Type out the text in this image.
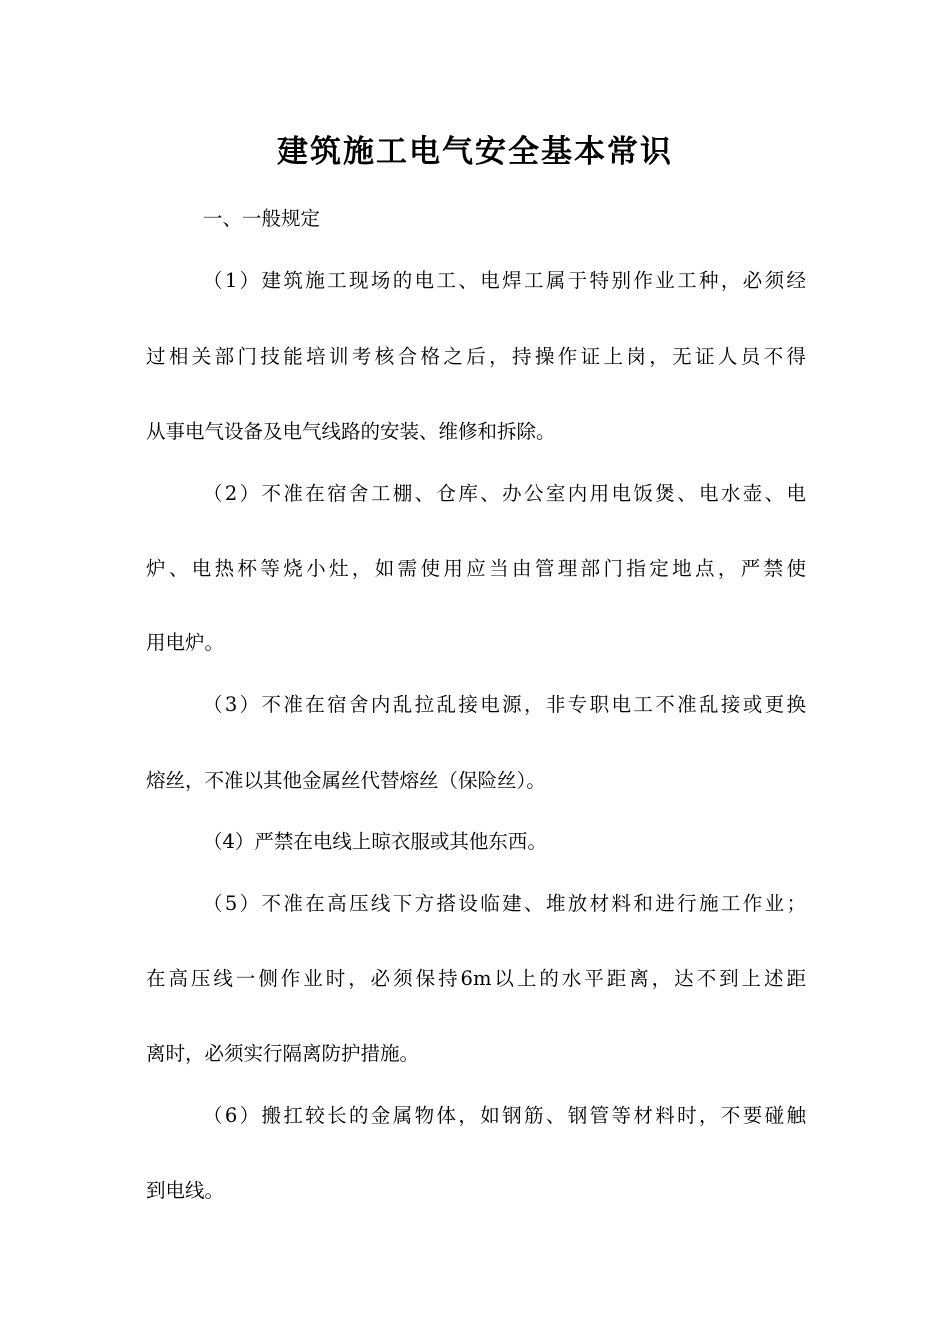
建筑施工电气安全基本常识
一、一般规定
（1）建筑施工现场的电工、电焊工属于特别作业工种，必须经
过相关部门技能培训考核合格之后，持操作证上岗，无证人员不得
从事电气设备及电气线路的安装、维修和拆除。
（2）不准在宿舍工棚、仓库、办公室内用电饭煲、电水壶、电
炉、电热杯等烧小灶，如需使用应当由管理部门指定地点，严禁使
用电炉。
（3）不准在宿舍内乱拉乱接电源，非专职电工不准乱接或更换
熔丝，不准以其他金属丝代替熔丝（保险丝）。
（4）严禁在电线上晾衣服或其他东西。
（5）不准在高压线下方搭设临建、堆放材料和进行施工作业；
在高压线一侧作业时，必须保持6m以上的水平距离，达不到上述距
离时，必须实行隔离防护措施。
（6）搬扛较长的金属物体，如钢筋、钢管等材料时，不要碰触
到电线。
